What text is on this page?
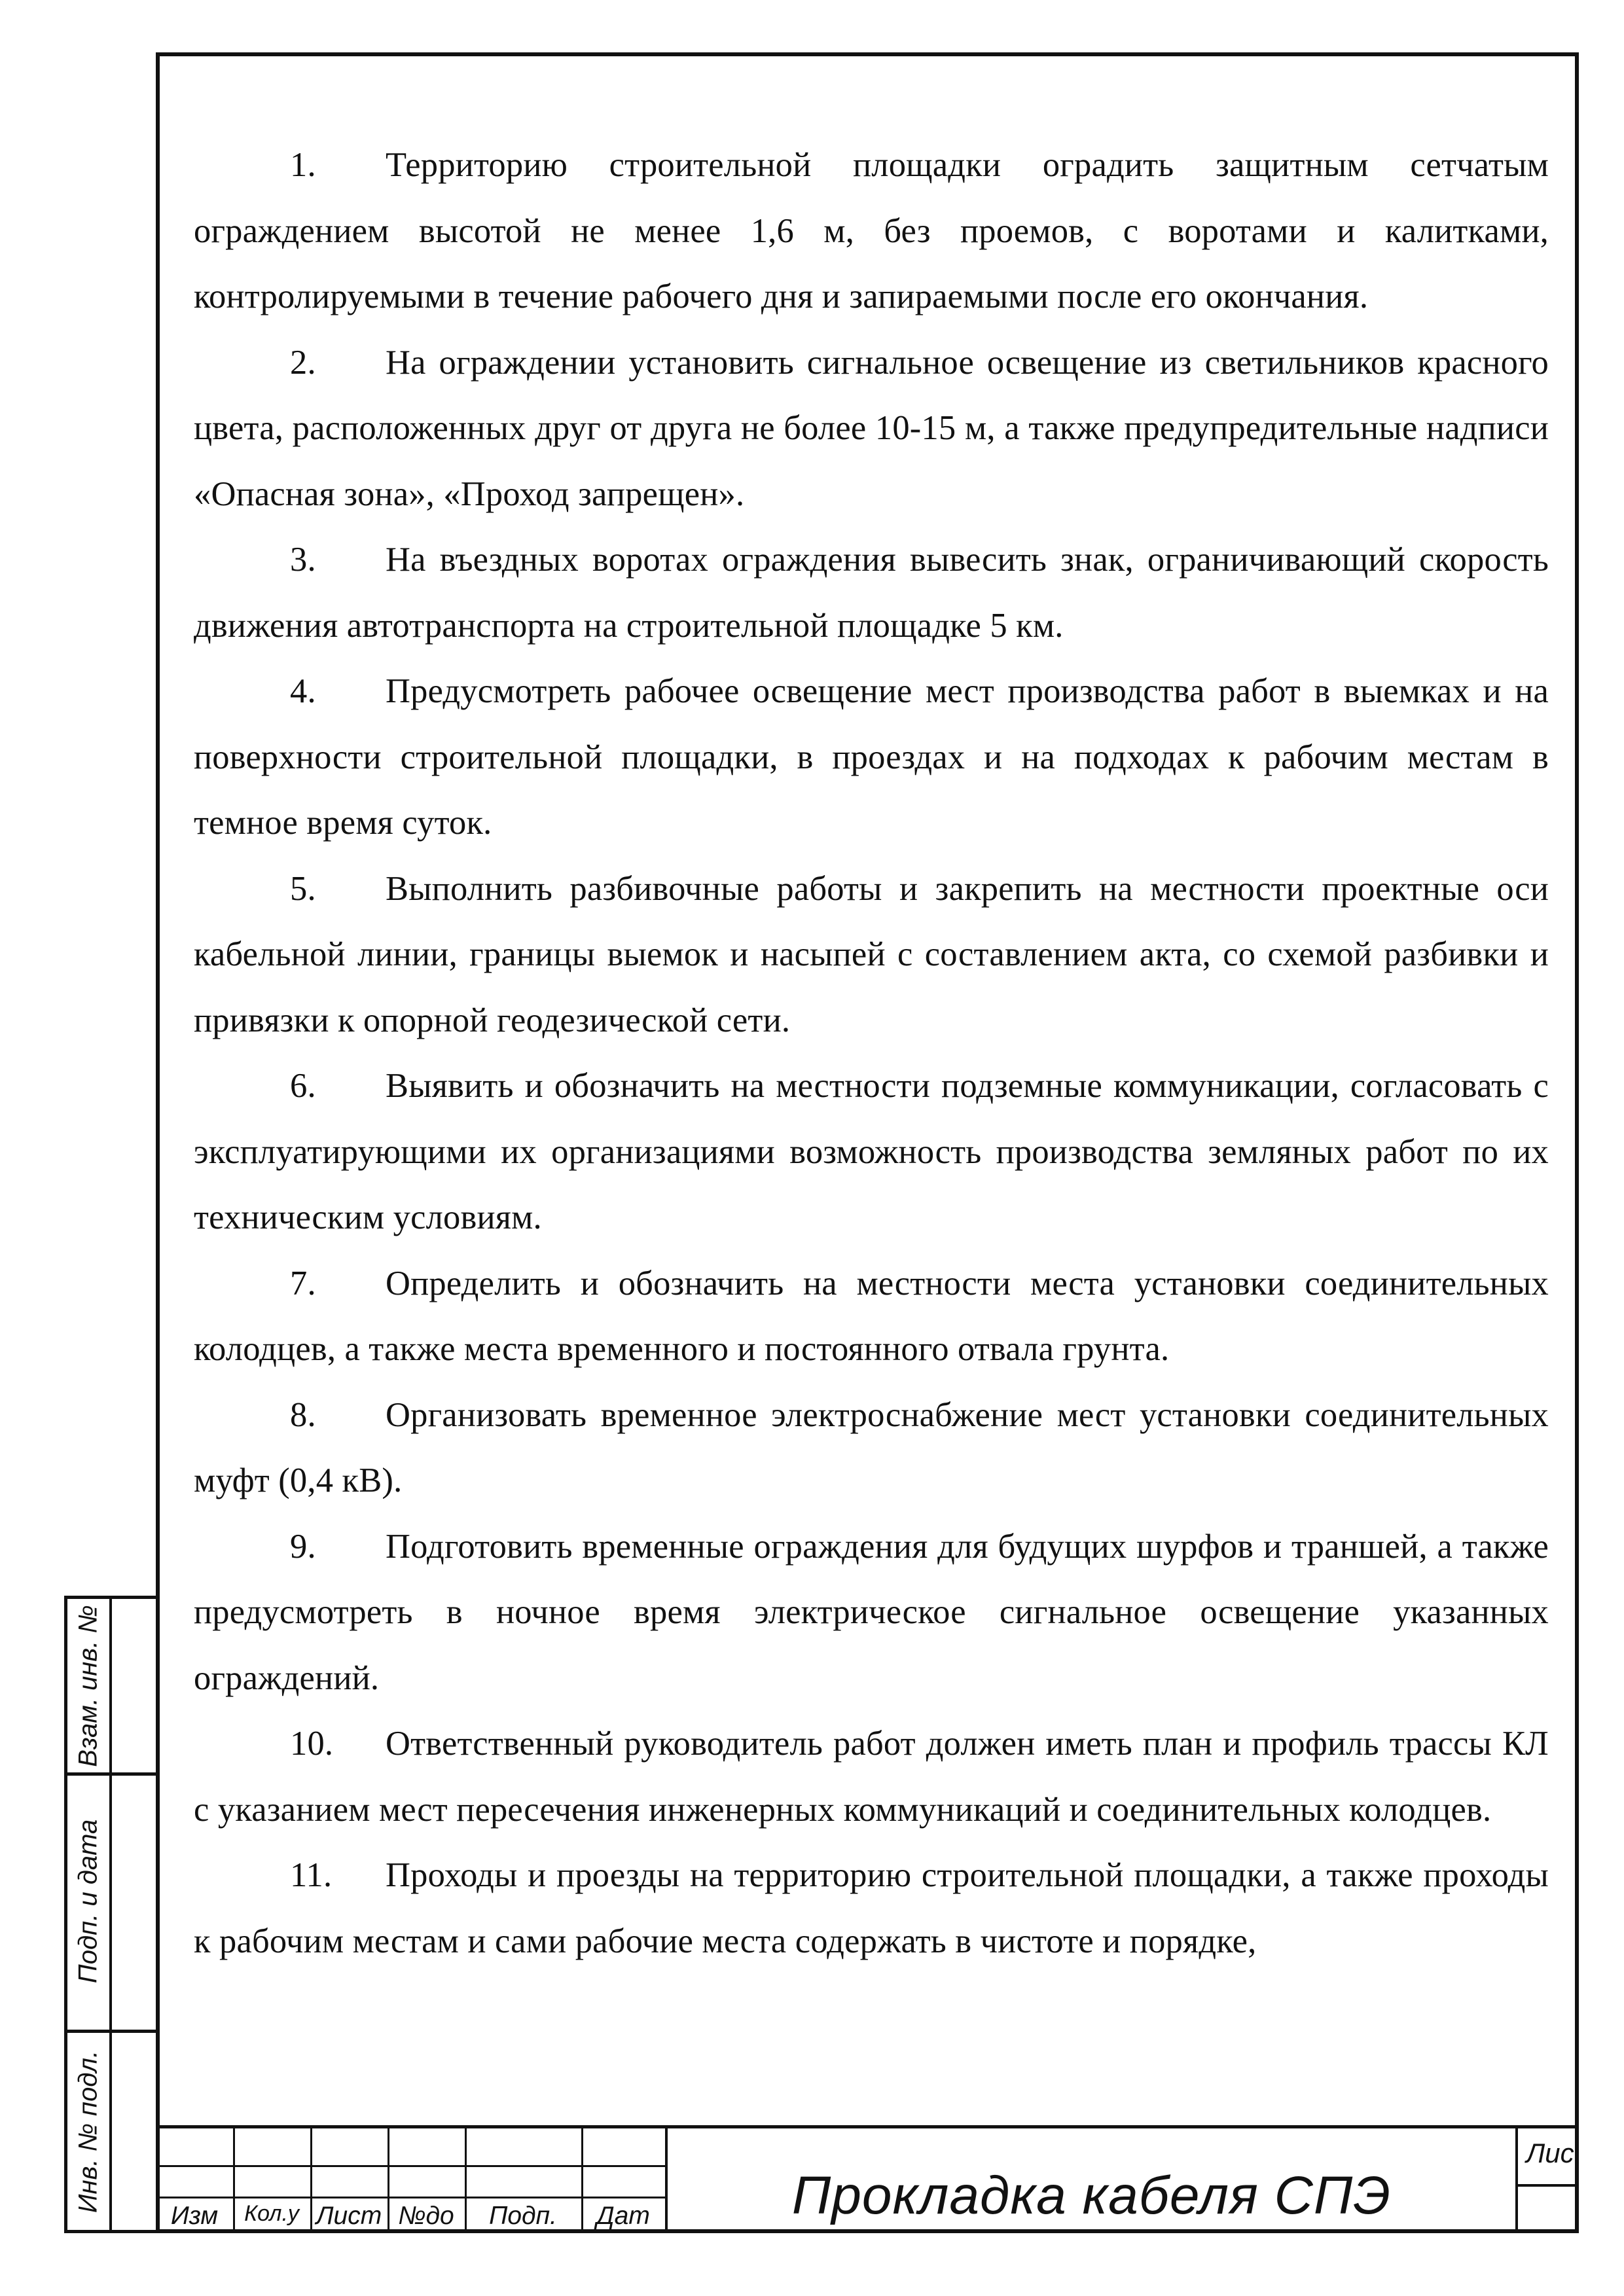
1. Территорию строительной площадки оградить защитным сетчатым ограждением высотой не менее 1,6 м, без проемов, с воротами и калитками, контролируемыми в течение рабочего дня и запираемыми после его окончания.

2. На ограждении установить сигнальное освещение из светильников красного цвета, расположенных друг от друга не более 10-15 м, а также предупредительные надписи «Опасная зона», «Проход запрещен».

3. На въездных воротах ограждения вывесить знак, ограничивающий скорость движения автотранспорта на строительной площадке 5 км.

4. Предусмотреть рабочее освещение мест производства работ в выемках и на поверхности строительной площадки, в проездах и на подходах к рабочим местам в темное время суток.

5. Выполнить разбивочные работы и закрепить на местности проектные оси кабельной линии, границы выемок и насыпей с составлением акта, со схемой разбивки и привязки к опорной геодезической сети.

6. Выявить и обозначить на местности подземные коммуникации, согласовать с эксплуатирующими их организациями возможность производства земляных работ по их техническим условиям.

7. Определить и обозначить на местности места установки соединительных колодцев, а также места временного и постоянного отвала грунта.

8. Организовать временное электроснабжение мест установки соединительных муфт (0,4 кВ).

9. Подготовить временные ограждения для будущих шурфов и траншей, а также предусмотреть в ночное время электрическое сигнальное освещение указанных ограждений.

10. Ответственный руководитель работ должен иметь план и профиль трассы КЛ с указанием мест пересечения инженерных коммуникаций и соединительных колодцев.

11. Проходы и проезды на территорию строительной площадки, а также проходы к рабочим местам и сами рабочие места содержать в чистоте и порядке,

Взам. инв. №
Подп. и дата
Инв. № подл.
Изм	Кол.у Лист №до	Подп.	Дат	Прокладка кабеля СПЭ
Лис
